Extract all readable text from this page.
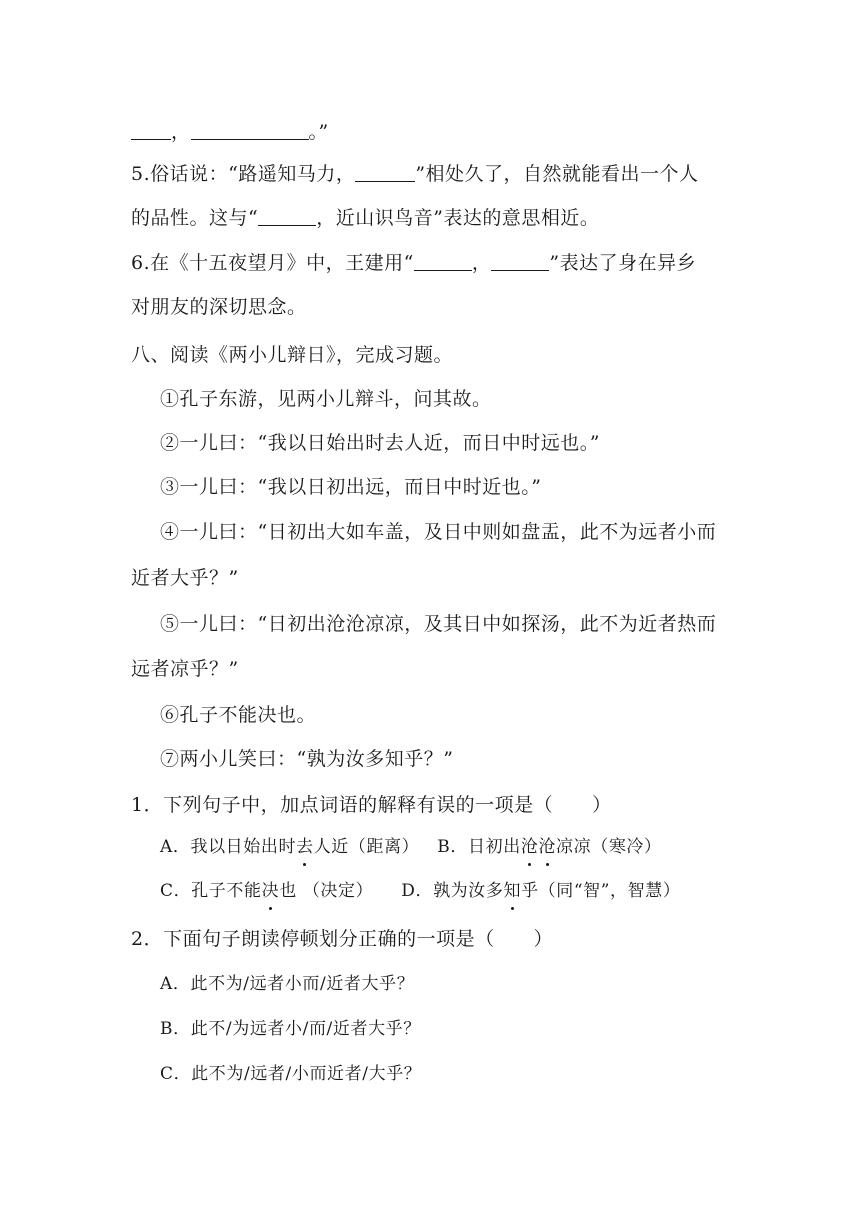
，	。”
5.俗话说：“路遥知马力，	”相处久了，自然就能看出一个人
的品性。这与“	，近山识鸟音”表达的意思相近。
6.在《十五夜望月》中，王建用“	，	”表达了身在异乡
对朋友的深切思念。
八、阅读《两小儿辩日》，完成习题。
①孔子东游，见两小儿辩斗，问其故。
②一儿曰：“我以日始出时去人近，而日中时远也。”
③一儿曰：“我以日初出远，而日中时近也。”
④一儿曰：“日初出大如车盖，及日中则如盘盂，此不为远者小而
近者大乎？”
⑤一儿曰：“日初出沧沧凉凉，及其日中如探汤，此不为近者热而
远者凉乎？”
⑥孔子不能决也。
⑦两小儿笑曰：“孰为汝多知乎？”
1．下列句子中，加点词语的解释有误的一项是（　　）
A．我以日始出时去人近（距离） B．日初出沧沧凉凉（寒冷）
C．孔子不能决也 （决定） D．孰为汝多知乎（同“智”，智慧）
2．下面句子朗读停顿划分正确的一项是（　　）
A．此不为/远者小而/近者大乎？
B．此不/为远者小/而/近者大乎？
C．此不为/远者/小而近者/大乎？
